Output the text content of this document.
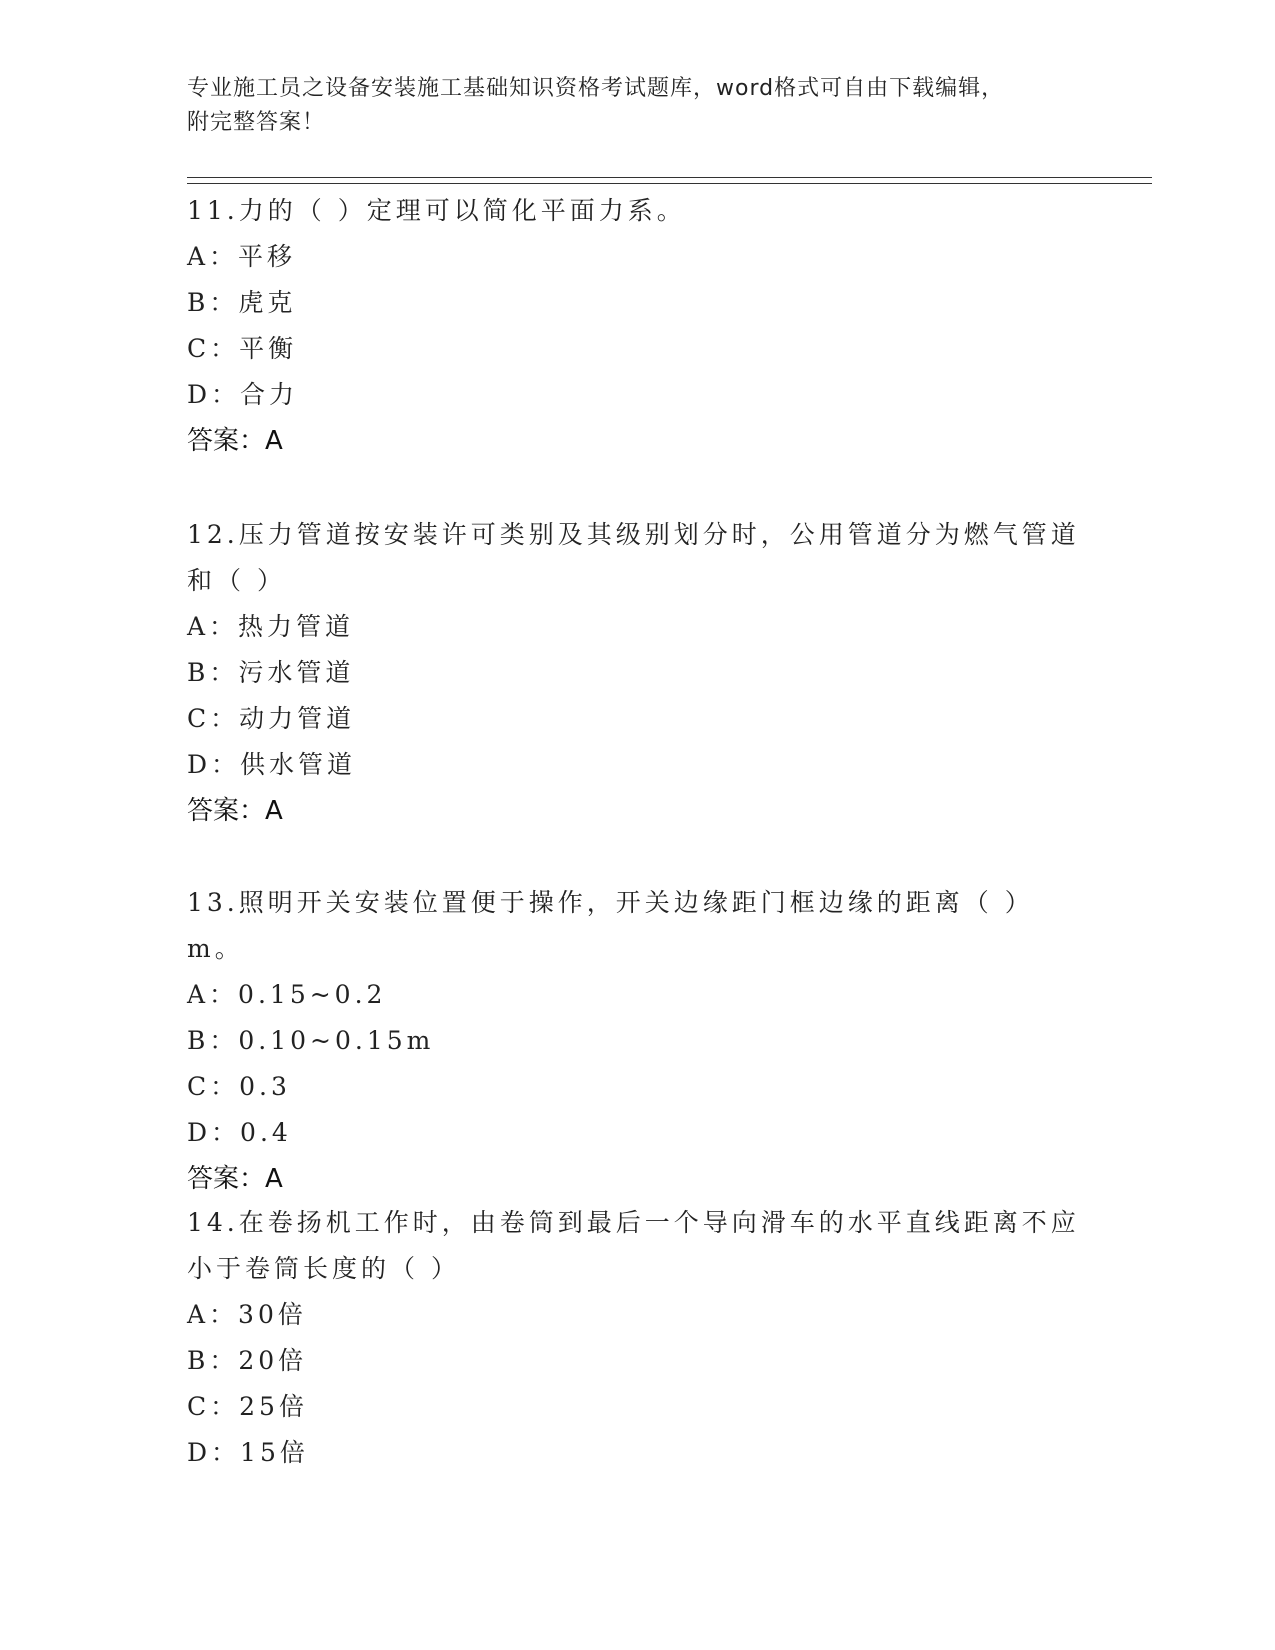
专业施工员之设备安装施工基础知识资格考试题库，word格式可自由下载编辑，
附完整答案！

11.力的（ ）定理可以简化平面力系。

A：平移
B：虎克
C：平衡
D：合力
答案：A

12.压力管道按安装许可类别及其级别划分时，公用管道分为燃气管道和（ ）

A：热力管道
B：污水管道
C：动力管道
D：供水管道
答案：A

13.照明开关安装位置便于操作，开关边缘距门框边缘的距离（ ）m。

A：0.15~0.2
B：0.10~0.15m
C：0.3
D：0.4
答案：A

14.在卷扬机工作时，由卷筒到最后一个导向滑车的水平直线距离不应小于卷筒长度的（ ）

A：30倍
B：20倍
C：25倍
D：15倍
